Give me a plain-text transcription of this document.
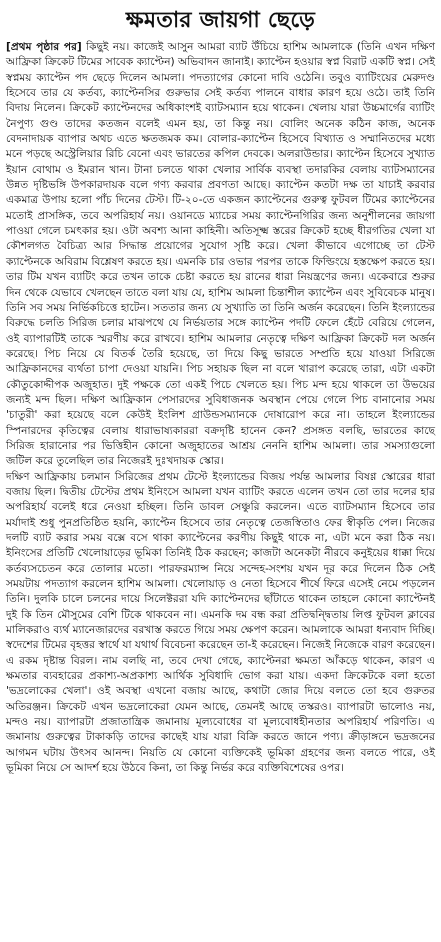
ক্ষমতার জায়গা ছেড়ে

[প্রথম পৃষ্ঠার পর] কিছুই নয়। কাজেই আসুন আমরা ব্যাট উঁচিয়ে হাশিম আমলাকে (তিনি এখন দক্ষিণ আফ্রিকা ক্রিকেট টিমের সাবেক ক্যাপ্টেন) অভিবাদন জানাই। ক্যাপ্টেন হওয়ার স্বপ্ন বিরাট একটি স্বপ্ন। সেই স্বপ্নময় ক্যাপ্টেন পদ ছেড়ে দিলেন আমলা। পদত্যাগের কোনো দাবি ওঠেনি। তবুও ব্যাটিংয়ের মেরুদণ্ড হিসেবে তার যে কর্তব্য, ক্যাপ্টেনসির গুরুভার সেই কর্তব্য পালনে বাধার কারণ হয়ে ওঠে। তাই তিনি বিদায় নিলেন। ক্রিকেট ক্যাপ্টেনদের অধিকাংশই ব্যাটসম্যান হয়ে থাকেন। খেলায় যারা উচ্চমার্গের ব্যাটিং নৈপুণ্য গুণ্ড তাদের কতজন বলেই এমন হয়, তা কিন্তু নয়। বোলিং অনেক কঠিন কাজ, অনেক বেদনাদায়ক ব্যাপার অথচ এতে ক্ষতজমক কম। বোলার-ক্যাপ্টেন হিসেবে বিখ্যাত ও সম্মানিতদের মধ্যে মনে পড়ছে অস্ট্রেলিয়ার রিচি বেনো এবং ভারতের কপিল দেবকে। অলরাউন্ডার। ক্যাপ্টেন হিসেবে সুখ্যাত ইয়ান বোথাম ও ইমরান খান। টানা চলতে থাকা খেলার সার্বিক ব্যবস্থা তদারকির বেলায় ব্যাটসম্যানের উন্নত দৃষ্টিভঙ্গি উপকারদায়ক বলে গণ্য করবার প্রবণতা আছে। ক্যাপ্টেন কতটা দক্ষ তা যাচাই করবার একমাত্র উপায় হলো পাঁচ দিনের টেস্ট। টি-২০-তে একজন ক্যাপ্টেনের গুরুত্ব ফুটবল টিমের ক্যাপ্টেনের মতোই প্রাসঙ্গিক, তবে অপরিহার্য নয়। ওয়ানডে ম্যাচের সময় ক্যাপ্টেনগিরির জন্য অনুশীলনের জায়গা পাওয়া গেলে চমৎকার হয়। ওটা অবশ্য আনা কাহিনী। অতিসূক্ষ্ম স্তরের ক্রিকেট হচ্ছে ধীরগতির খেলা যা কৌশলগত বৈচিত্র্য আর সিদ্ধান্ত প্রয়োগের সুযোগ সৃষ্টি করে। খেলা কীভাবে এগোচ্ছে তা টেস্ট ক্যাপ্টেনকে অবিরাম বিশ্লেষণ করতে হয়। এমনকি চার ওভার পরপর তাকে ফিল্ডিংয়ে হস্তক্ষেপ করতে হয়। তার টিম যখন ব্যাটিং করে তখন তাকে চেষ্টা করতে হয় রানের ধারা নিয়ন্ত্রণের জন্য। একেবারে শুরুর দিন থেকে যেভাবে খেলছেন তাতে বলা যায় যে, হাশিম আমলা চিন্তাশীল ক্যাপ্টেন এবং সুবিবেচক মানুষ। তিনি সব সময় নির্ভিকচিত্তে হাটেন। সততার জন্য যে সুখ্যাতি তা তিনি অর্জন করেছেন। তিনি ইংল্যান্ডের বিরুদ্ধে চলতি সিরিজ চলার মাঝপথে যে নির্ভয়তার সঙ্গে ক্যাপ্টেন পদটি ফেলে হেঁটে বেরিয়ে গেলেন, ওই ব্যাপারটিই তাকে স্মরণীয় করে রাখবে। হাশিম আমলার নেতৃত্বে দক্ষিণ আফ্রিকা ক্রিকেট দল অর্জন করেছে। পিচ নিয়ে যে বিতর্ক তৈরি হয়েছে, তা দিয়ে কিছু ভারতে সম্প্রতি হয়ে যাওয়া সিরিজে আফ্রিকানদের ব্যর্থতা চাপা দেওয়া যায়নি। পিচ সহায়ক ছিল না বলে খারাপ করেছে তারা, এটা একটা কৌতুকোদ্দীপক অজুহাত। দুই পক্ষকে তো একই পিচে খেলতে হয়। পিচ মন্দ হয়ে থাকলে তা উভয়ের জন্যই মন্দ ছিল। দক্ষিণ আফ্রিকান পেসারদের সুবিধাজনক অবস্থান পেয়ে গেলে পিচ বানানোর সময় 'চাতুরী' করা হয়েছে বলে কেউই ইংলিশ গ্রাউন্ডসম্যানকে দোষারোপ করে না। তাহলে ইংল্যান্ডের স্পিনারদের কৃতিত্বের বেলায় ধারাভাষ্যকাররা বক্রদৃষ্টি হানেন কেন? প্রসঙ্গত বলছি, ভারতের কাছে সিরিজ হারানোর পর ভিত্তিহীন কোনো অজুহাতের আশ্রয় নেননি হাশিম আমলা। তার সমস্যাগুলো জটিল করে তুলেছিল তার নিজেরই দুঃখদায়ক স্কোর।

দক্ষিণ আফ্রিকায় চলমান সিরিজের প্রথম টেস্টে ইংল্যান্ডের বিজয় পর্যন্ত আমলার বিষণ্ণ স্কোরের ধারা বজায় ছিল। দ্বিতীয় টেস্টের প্রথম ইনিংসে আমলা যখন ব্যাটিং করতে এলেন তখন তো তার দলের হার অপরিহার্য বলেই ধরে নেওয়া হচ্ছিল। তিনি ডাবল সেঞ্চুরি করলেন। এতে ব্যাটসম্যান হিসেবে তার মর্যাদাই শুধু পুনপ্রতিষ্ঠিত হয়নি, ক্যাপ্টেন হিসেবে তার নেতৃত্বে তেজস্বিতাও ফের স্বীকৃতি পেল। নিজের দলটি ব্যাট করার সময় বক্সে বসে থাকা ক্যাপ্টেনের করণীয় কিছুই থাকে না, এটা মনে করা ঠিক নয়। ইনিংসের প্রতিটি খেলোয়াড়ের ভূমিকা তিনিই ঠিক করছেন; কাজটা অনেকটা নীরবে কনুইয়ের ধাক্কা দিয়ে কর্তব্যসচেতন করে তোলার মতো। পারফরম্যান্স নিয়ে সন্দেহ-সংশয় যখন দূর করে দিলেন ঠিক সেই সময়টায় পদত্যাগ করলেন হাশিম আমলা। খেলোয়াড় ও নেতা হিসেবে শীর্ষে ফিরে এসেই নেমে পড়লেন তিনি। দুলকি চালে চলনের দায়ে সিলেক্টররা যদি ক্যাপ্টেনদের ছাঁটাতে থাকেন তাহলে কোনো ক্যাপ্টেনই দুই কি তিন মৌসুমের বেশি টিকে থাকবেন না। এমনকি দম বন্ধ করা প্রতিদ্বন্দ্বিতায় লিপ্ত ফুটবল ক্লাবের মালিকরাও ব্যর্থ ম্যানেজারদের বরখাস্ত করতে গিয়ে সময় ক্ষেপণ করেন। আমলাকে আমরা ধন্যবাদ দিচ্ছি। স্বদেশের টিমের বৃহত্তর স্বার্থে যা যথার্থ বিবেচনা করেছেন তা-ই করেছেন। নিজেই নিজেকে বারণ করেছেন। এ রকম দৃষ্টান্ত বিরল। নাম বলছি না, তবে দেখা গেছে, ক্যাপ্টেনরা ক্ষমতা আঁকড়ে থাকেন, কারণ এ ক্ষমতার ব্যবহারের প্রকাশ্য-অপ্রকাশ্য আর্থিক সুবিধাদি ভোগ করা যায়। একদা ক্রিকেটকে বলা হতো 'ভদ্রলোকের খেলা'। ওই অবস্থা এখনো বজায় আছে, কথাটা জোর দিয়ে বলতে তো হবে গুরুতর অতিরঞ্জন। ক্রিকেট এখন ভদ্রলোকেরা যেমন আছে, তেমনই আছে তস্করও। ব্যাপারটা ভালোও নয়, মন্দও নয়। ব্যাপারটা প্রজাতান্ত্রিক জমানায় মূল্যবোধের বা মূল্যবোধহীনতার অপরিহার্য পরিণতি। এ জমানায় গুরুত্বের টাকাকড়ি তাদের কাছেই যায় যারা বিক্রি করতে জানে পণ্য। ক্রীড়াঙ্গনে ভদ্রজনের আগমন ঘটায় উৎসব আনন্দ। নিয়তি যে কোনো ব্যক্তিকেই ভূমিকা গ্রহণের জন্য বলতে পারে, ওই ভূমিকা নিয়ে সে আদর্শ হয়ে উঠবে কিনা, তা কিন্তু নির্ভর করে ব্যক্তিবিশেষের ওপর।
